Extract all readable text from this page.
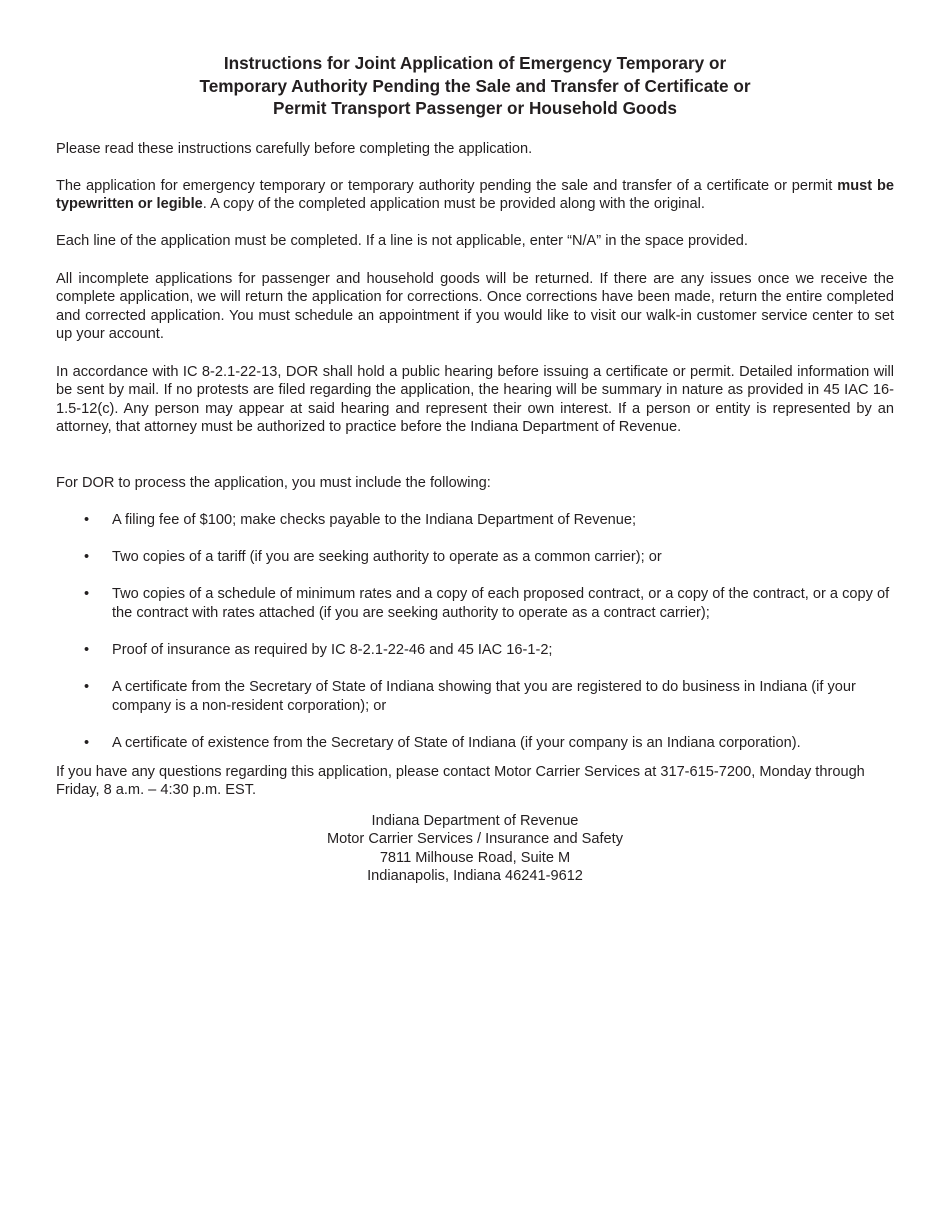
Instructions for Joint Application of Emergency Temporary or
Temporary Authority Pending the Sale and Transfer of Certificate or
Permit Transport Passenger or Household Goods

Please read these instructions carefully before completing the application.

The application for emergency temporary or temporary authority pending the sale and transfer of a certificate or permit must be typewritten or legible. A copy of the completed application must be provided along with the original.

Each line of the application must be completed. If a line is not applicable, enter “N/A” in the space provided.

All incomplete applications for passenger and household goods will be returned. If there are any issues once we receive the complete application, we will return the application for corrections. Once corrections have been made, return the entire completed and corrected application. You must schedule an appointment if you would like to visit our walk-in customer service center to set up your account.

In accordance with IC 8-2.1-22-13, DOR shall hold a public hearing before issuing a certificate or permit. Detailed information will be sent by mail. If no protests are filed regarding the application, the hearing will be summary in nature as provided in 45 IAC 16-1.5-12(c). Any person may appear at said hearing and represent their own interest. If a person or entity is represented by an attorney, that attorney must be authorized to practice before the Indiana Department of Revenue.

For DOR to process the application, you must include the following:

• A filing fee of $100; make checks payable to the Indiana Department of Revenue;
• Two copies of a tariff (if you are seeking authority to operate as a common carrier); or
• Two copies of a schedule of minimum rates and a copy of each proposed contract, or a copy of the contract, or a copy of the contract with rates attached (if you are seeking authority to operate as a contract carrier);
• Proof of insurance as required by IC 8-2.1-22-46 and 45 IAC 16-1-2;
• A certificate from the Secretary of State of Indiana showing that you are registered to do business in Indiana (if your company is a non-resident corporation); or
• A certificate of existence from the Secretary of State of Indiana (if your company is an Indiana corporation).

If you have any questions regarding this application, please contact Motor Carrier Services at 317-615-7200, Monday through Friday, 8 a.m. – 4:30 p.m. EST.

Indiana Department of Revenue
Motor Carrier Services / Insurance and Safety
7811 Milhouse Road, Suite M
Indianapolis, Indiana 46241-9612
